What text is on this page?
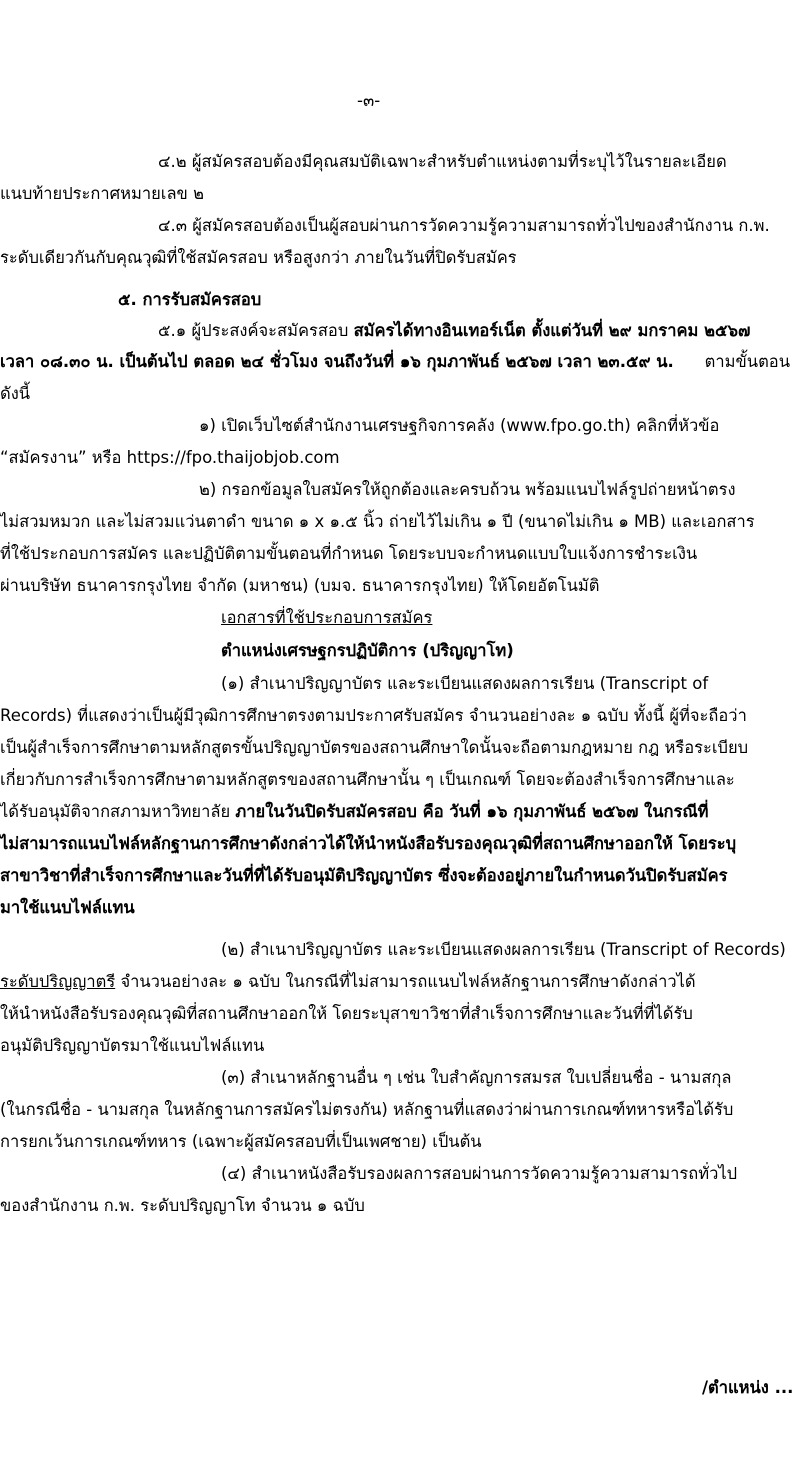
-๓-
๔.๒ ผู้สมัครสอบต้องมีคุณสมบัติเฉพาะสำหรับตำแหน่งตามที่ระบุไว้ในรายละเอียด
แนบท้ายประกาศหมายเลข ๒
๔.๓ ผู้สมัครสอบต้องเป็นผู้สอบผ่านการวัดความรู้ความสามารถทั่วไปของสำนักงาน ก.พ.
ระดับเดียวกันกับคุณวุฒิที่ใช้สมัครสอบ หรือสูงกว่า ภายในวันที่ปิดรับสมัคร
๕. การรับสมัครสอบ
๕.๑ ผู้ประสงค์จะสมัครสอบ สมัครได้ทางอินเทอร์เน็ต ตั้งแต่วันที่ ๒๙ มกราคม ๒๕๖๗
เวลา ๐๘.๓๐ น. เป็นต้นไป ตลอด ๒๔ ชั่วโมง จนถึงวันที่ ๑๖ กุมภาพันธ์ ๒๕๖๗ เวลา ๒๓.๕๙ น. ตามขั้นตอน
ดังนี้
๑) เปิดเว็บไซต์สำนักงานเศรษฐกิจการคลัง (www.fpo.go.th) คลิกที่หัวข้อ
“สมัครงาน” หรือ https://fpo.thaijobjob.com
๒) กรอกข้อมูลใบสมัครให้ถูกต้องและครบถ้วน พร้อมแนบไฟล์รูปถ่ายหน้าตรง
ไม่สวมหมวก และไม่สวมแว่นตาดำ ขนาด ๑ x ๑.๕ นิ้ว ถ่ายไว้ไม่เกิน ๑ ปี (ขนาดไม่เกิน ๑ MB) และเอกสาร
ที่ใช้ประกอบการสมัคร และปฏิบัติตามขั้นตอนที่กำหนด โดยระบบจะกำหนดแบบใบแจ้งการชำระเงิน
ผ่านบริษัท ธนาคารกรุงไทย จำกัด (มหาชน) (บมจ. ธนาคารกรุงไทย) ให้โดยอัตโนมัติ
เอกสารที่ใช้ประกอบการสมัคร
ตำแหน่งเศรษฐกรปฏิบัติการ (ปริญญาโท)
(๑) สำเนาปริญญาบัตร และระเบียนแสดงผลการเรียน (Transcript of
Records) ที่แสดงว่าเป็นผู้มีวุฒิการศึกษาตรงตามประกาศรับสมัคร จำนวนอย่างละ ๑ ฉบับ ทั้งนี้ ผู้ที่จะถือว่า
เป็นผู้สำเร็จการศึกษาตามหลักสูตรขั้นปริญญาบัตรของสถานศึกษาใดนั้นจะถือตามกฎหมาย กฎ หรือระเบียบ
เกี่ยวกับการสำเร็จการศึกษาตามหลักสูตรของสถานศึกษานั้น ๆ เป็นเกณฑ์ โดยจะต้องสำเร็จการศึกษาและ
ได้รับอนุมัติจากสภามหาวิทยาลัย ภายในวันปิดรับสมัครสอบ คือ วันที่ ๑๖ กุมภาพันธ์ ๒๕๖๗ ในกรณีที่
ไม่สามารถแนบไฟล์หลักฐานการศึกษาดังกล่าวได้ให้นำหนังสือรับรองคุณวุฒิที่สถานศึกษาออกให้ โดยระบุ
สาขาวิชาที่สำเร็จการศึกษาและวันที่ที่ได้รับอนุมัติปริญญาบัตร ซึ่งจะต้องอยู่ภายในกำหนดวันปิดรับสมัคร
มาใช้แนบไฟล์แทน
(๒) สำเนาปริญญาบัตร และระเบียนแสดงผลการเรียน (Transcript of Records)
ระดับปริญญาตรี จำนวนอย่างละ ๑ ฉบับ ในกรณีที่ไม่สามารถแนบไฟล์หลักฐานการศึกษาดังกล่าวได้
ให้นำหนังสือรับรองคุณวุฒิที่สถานศึกษาออกให้ โดยระบุสาขาวิชาที่สำเร็จการศึกษาและวันที่ที่ได้รับ
อนุมัติปริญญาบัตรมาใช้แนบไฟล์แทน
(๓) สำเนาหลักฐานอื่น ๆ เช่น ใบสำคัญการสมรส ใบเปลี่ยนชื่อ - นามสกุล
(ในกรณีชื่อ - นามสกุล ในหลักฐานการสมัครไม่ตรงกัน) หลักฐานที่แสดงว่าผ่านการเกณฑ์ทหารหรือได้รับ
การยกเว้นการเกณฑ์ทหาร (เฉพาะผู้สมัครสอบที่เป็นเพศชาย) เป็นต้น
(๔) สำเนาหนังสือรับรองผลการสอบผ่านการวัดความรู้ความสามารถทั่วไป
ของสำนักงาน ก.พ. ระดับปริญญาโท จำนวน ๑ ฉบับ
/ตำแหน่ง ...
